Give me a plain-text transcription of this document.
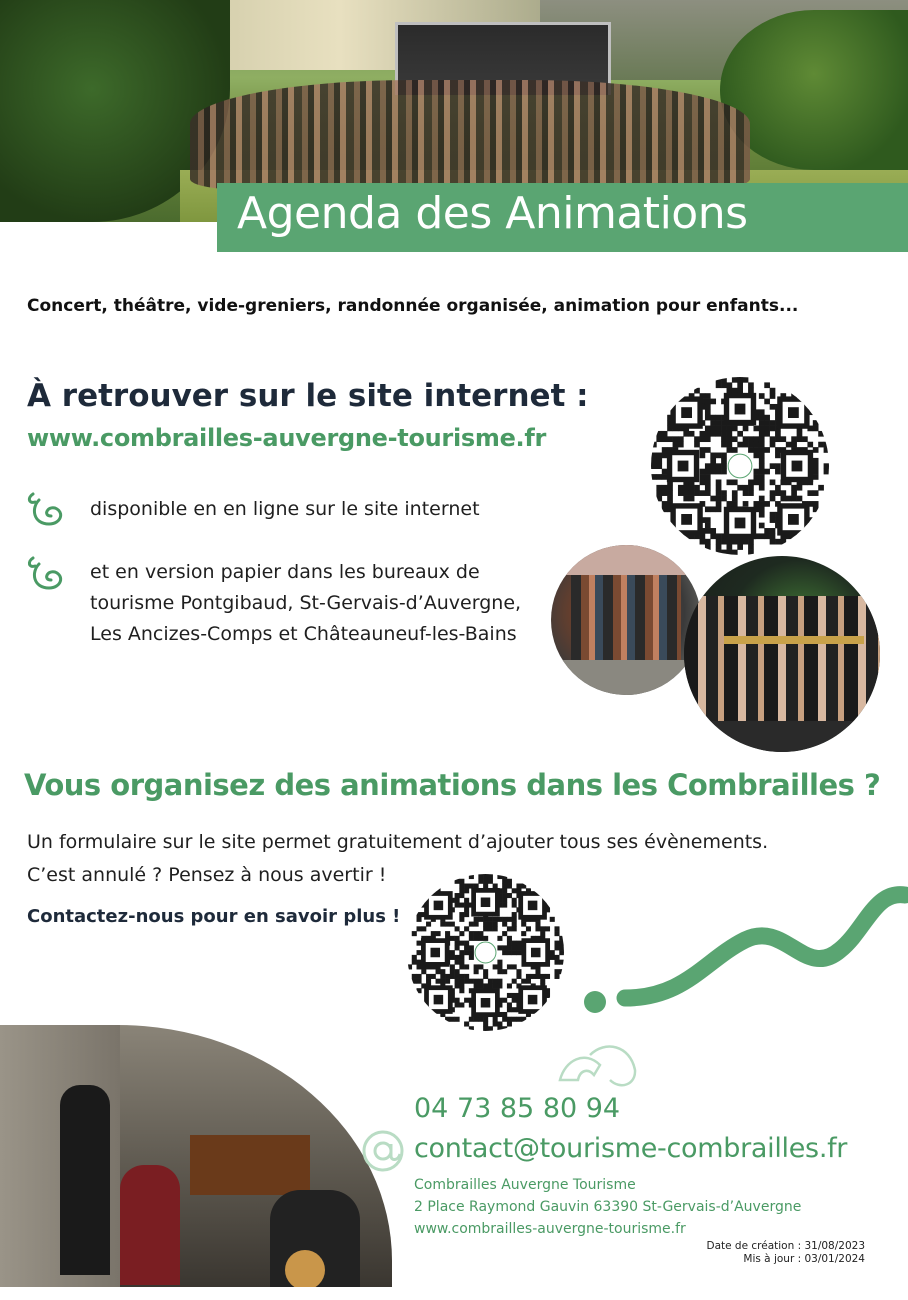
Agenda des Animations
Concert, théâtre, vide-greniers, randonnée organisée, animation pour enfants...
À retrouver sur le site internet :
www.combrailles-auvergne-tourisme.fr
disponible en en ligne sur le site internet
et en version papier dans les bureaux de
tourisme Pontgibaud, St-Gervais-d’Auvergne,
Les Ancizes-Comps et Châteauneuf-les-Bains
Vous organisez des animations dans les Combrailles ?
Un formulaire sur le site permet gratuitement d’ajouter tous ses évènements.
C’est annulé ? Pensez à nous avertir !
Contactez-nous pour en savoir plus !
04 73 85 80 94
contact@tourisme-combrailles.fr
Combrailles Auvergne Tourisme
2 Place Raymond Gauvin 63390 St-Gervais-d’Auvergne
www.combrailles-auvergne-tourisme.fr
Date de création : 31/08/2023
Mis à jour : 03/01/2024
